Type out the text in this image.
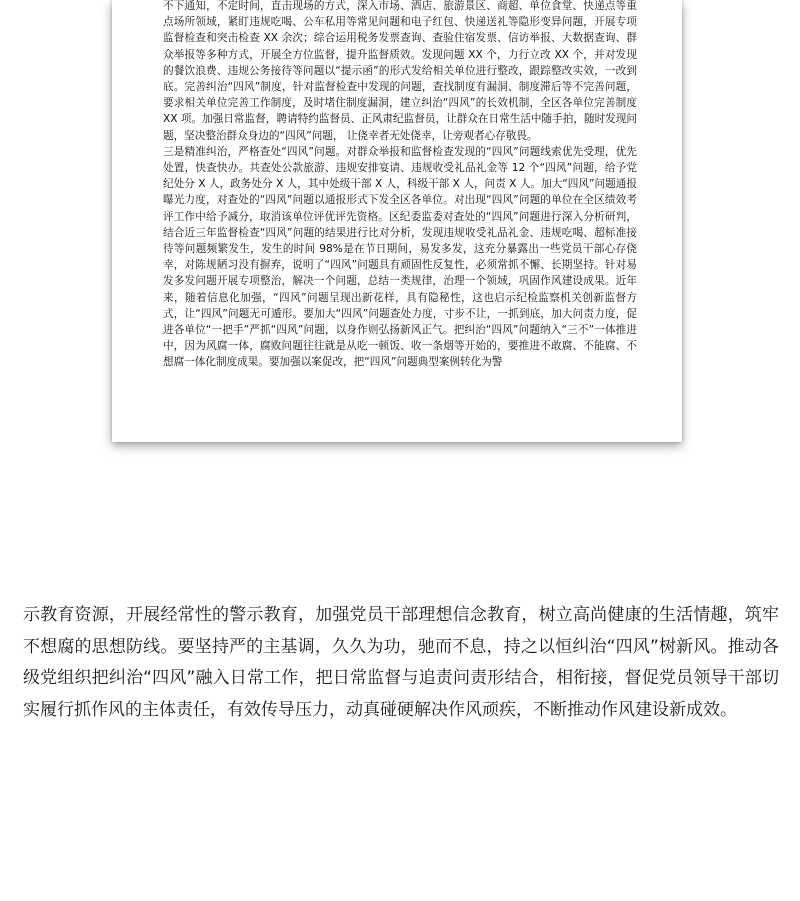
不下通知，不定时间，直击现场的方式，深入市场、酒店、旅游景区、商超、单位食堂、快递点等重点场所领域，紧盯违规吃喝、公车私用等常见问题和电子红包、快递送礼等隐形变异问题，开展专项监督检查和突击检查 XX 余次；综合运用税务发票查询、查验住宿发票、信访举报、大数据查询、群众举报等多种方式，开展全方位监督，提升监督质效。发现问题 XX 个，力行立改 XX 个，并对发现的餐饮浪费、违规公务接待等问题以“提示函”的形式发给相关单位进行整改，跟踪整改实效，一改到底。完善纠治“四风”制度，针对监督检查中发现的问题，查找制度有漏洞、制度滞后等不完善问题，要求相关单位完善工作制度，及时堵住制度漏洞，建立纠治“四风”的长效机制，全区各单位完善制度 XX 项。加强日常监督，聘请特约监督员、正风肃纪监督员，让群众在日常生活中随手拍，随时发现问题，坚决整治群众身边的“四风”问题， 让侥幸者无处侥幸，让旁观者心存敬畏。
三是精准纠治，严格查处“四风”问题。对群众举报和监督检查发现的“四风”问题线索优先受理，优先处置，快查快办。共查处公款旅游、违规安排宴请、违规收受礼品礼金等 12 个“四风”问题，给予党纪处分 X 人，政务处分 X 人，其中处级干部 X 人，科级干部 X 人，问责 X 人。加大“四风”问题通报曝光力度，对查处的“四风”问题以通报形式下发全区各单位。对出现“四风”问题的单位在全区绩效考评工作中给予减分，取消该单位评优评先资格。区纪委监委对查处的“四风”问题进行深入分析研判，结合近三年监督检查“四风”问题的结果进行比对分析，发现违规收受礼品礼金、违规吃喝、超标准接待等问题频繁发生，发生的时间 98%是在节日期间，易发多发，这充分暴露出一些党员干部心存侥幸，对陈规陋习没有摒弃，说明了“四风”问题具有顽固性反复性，必须常抓不懈、长期坚持。针对易发多发问题开展专项整治，解决一个问题，总结一类规律，治理一个领域，巩固作风建设成果。近年来，随着信息化加强，“四风”问题呈现出新花样，具有隐秘性，这也启示纪检监察机关创新监督方式，让“四风”问题无可遁形。要加大“四风”问题查处力度，寸步不让，一抓到底，加大问责力度，促进各单位“一把手”严抓“四风”问题，以身作则弘扬新风正气。把纠治“四风”问题纳入“三不”一体推进中，因为风腐一体，腐败问题往往就是从吃一顿饭、收一条烟等开始的，要推进不敢腐、不能腐、不想腐一体化制度成果。要加强以案促改，把“四风”问题典型案例转化为警

示教育资源，开展经常性的警示教育，加强党员干部理想信念教育，树立高尚健康的生活情趣，筑牢不想腐的思想防线。要坚持严的主基调，久久为功，驰而不息，持之以恒纠治“四风”树新风。推动各级党组织把纠治“四风”融入日常工作，把日常监督与追责问责形结合，相衔接，督促党员领导干部切实履行抓作风的主体责任，有效传导压力，动真碰硬解决作风顽疾，不断推动作风建设新成效。
